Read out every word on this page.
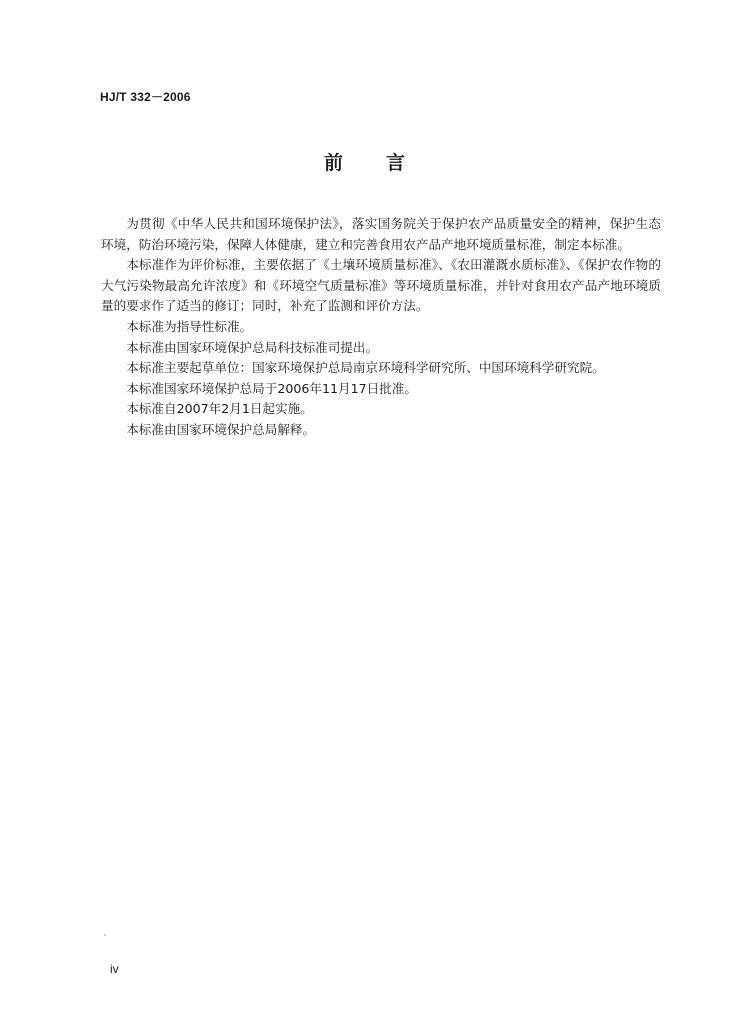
HJ/T 332－2006
前 言

为贯彻《中华人民共和国环境保护法》，落实国务院关于保护农产品质量安全的精神，保护生态环境，防治环境污染，保障人体健康，建立和完善食用农产品产地环境质量标准，制定本标准。

本标准作为评价标准，主要依据了《土壤环境质量标准》、《农田灌溉水质标准》、《保护农作物的大气污染物最高允许浓度》和《环境空气质量标准》等环境质量标准，并针对食用农产品产地环境质量的要求作了适当的修订；同时，补充了监测和评价方法。

本标准为指导性标准。

本标准由国家环境保护总局科技标准司提出。

本标准主要起草单位：国家环境保护总局南京环境科学研究所、中国环境科学研究院。

本标准国家环境保护总局于2006年11月17日批准。

本标准自2007年2月1日起实施。

本标准由国家环境保护总局解释。

iv
